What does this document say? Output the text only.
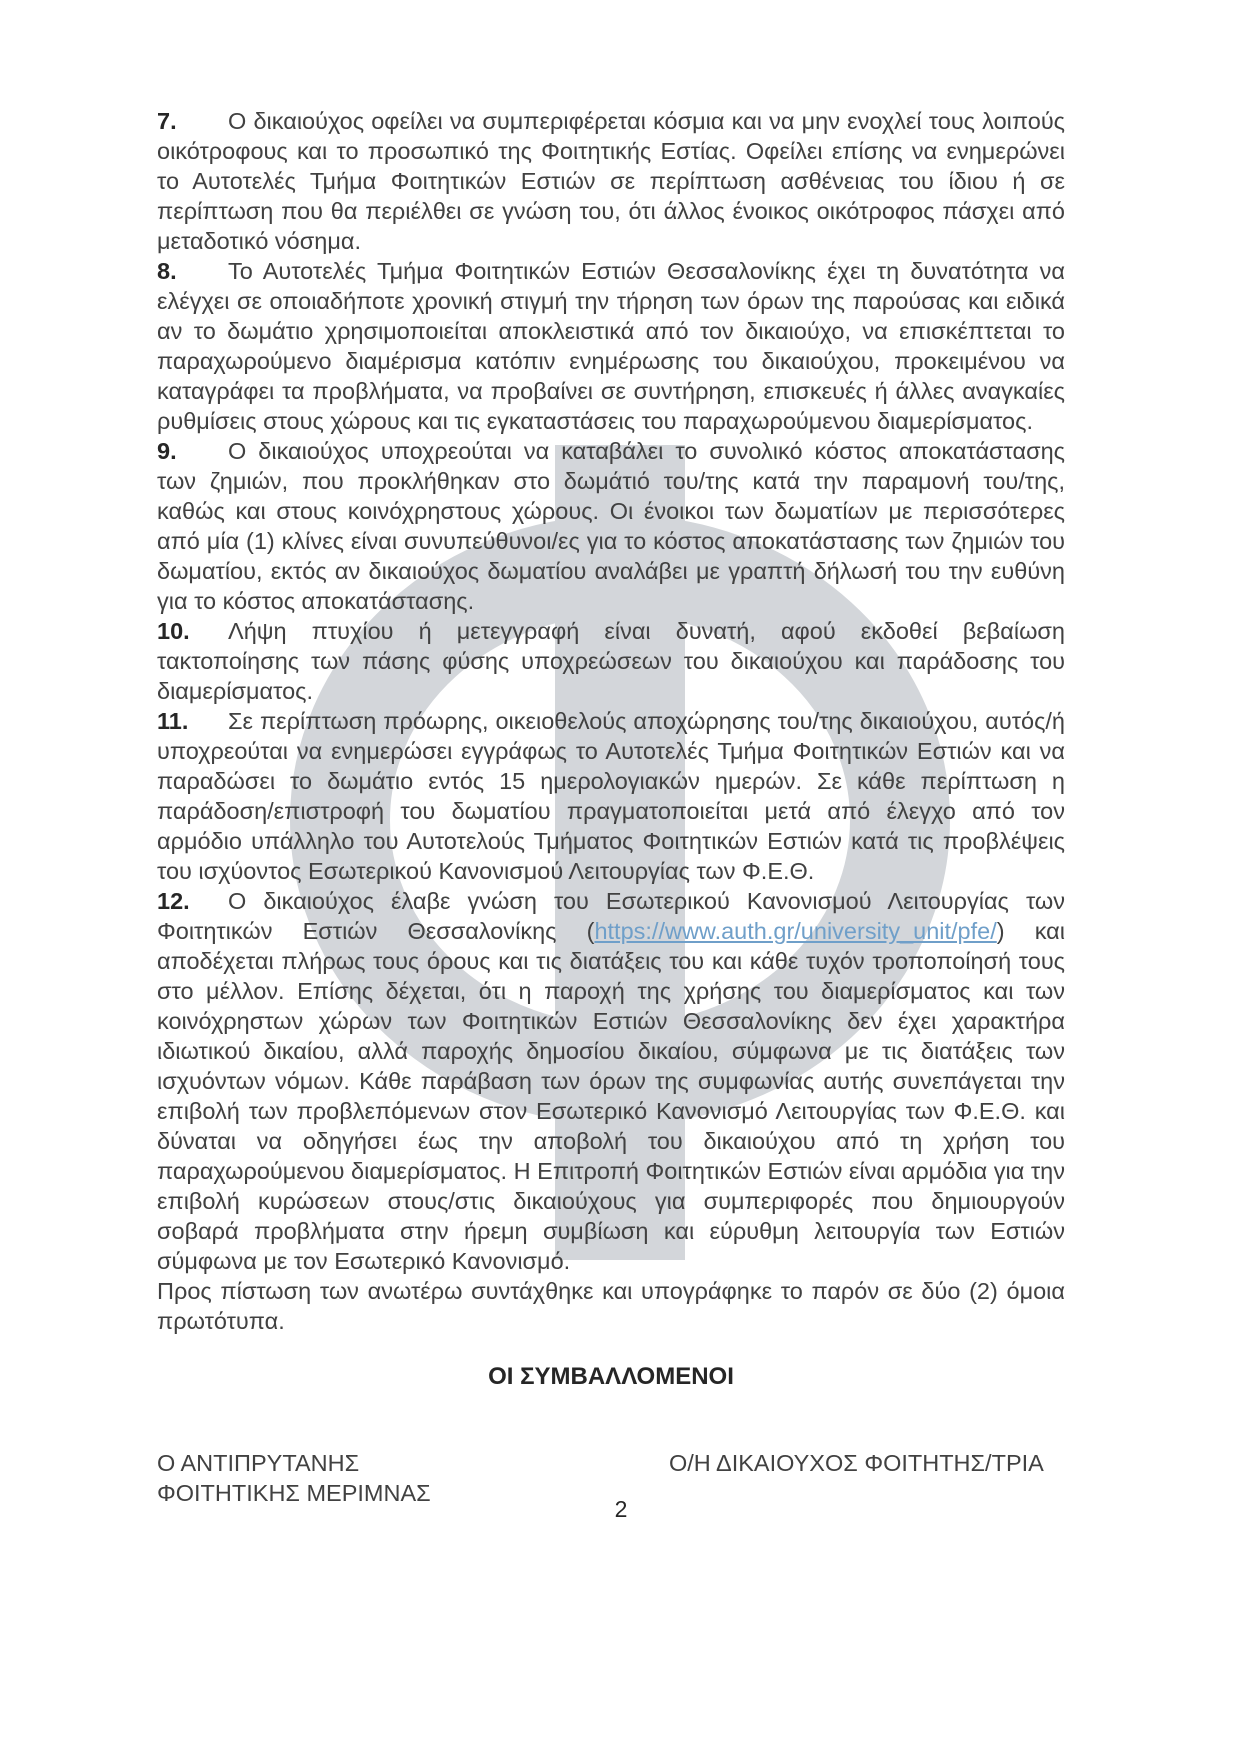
7. Ο δικαιούχος οφείλει να συμπεριφέρεται κόσμια και να μην ενοχλεί τους λοιπούς οικότροφους και το προσωπικό της Φοιτητικής Εστίας. Οφείλει επίσης να ενημερώνει το Αυτοτελές Τμήμα Φοιτητικών Εστιών σε περίπτωση ασθένειας του ίδιου ή σε περίπτωση που θα περιέλθει σε γνώση του, ότι άλλος ένοικος οικότροφος πάσχει από μεταδοτικό νόσημα.

8. Το Αυτοτελές Τμήμα Φοιτητικών Εστιών Θεσσαλονίκης έχει τη δυνατότητα να ελέγχει σε οποιαδήποτε χρονική στιγμή την τήρηση των όρων της παρούσας και ειδικά αν το δωμάτιο χρησιμοποιείται αποκλειστικά από τον δικαιούχο, να επισκέπτεται το παραχωρούμενο διαμέρισμα κατόπιν ενημέρωσης του δικαιούχου, προκειμένου να καταγράφει τα προβλήματα, να προβαίνει σε συντήρηση, επισκευές ή άλλες αναγκαίες ρυθμίσεις στους χώρους και τις εγκαταστάσεις του παραχωρούμενου διαμερίσματος.

9. Ο δικαιούχος υποχρεούται να καταβάλει το συνολικό κόστος αποκατάστασης των ζημιών, που προκλήθηκαν στο δωμάτιό του/της κατά την παραμονή του/της, καθώς και στους κοινόχρηστους χώρους. Οι ένοικοι των δωματίων με περισσότερες από μία (1) κλίνες είναι συνυπεύθυνοι/ες για το κόστος αποκατάστασης των ζημιών του δωματίου, εκτός αν δικαιούχος δωματίου αναλάβει με γραπτή δήλωσή του την ευθύνη για το κόστος αποκατάστασης.

10. Λήψη πτυχίου ή μετεγγραφή είναι δυνατή, αφού εκδοθεί βεβαίωση τακτοποίησης των πάσης φύσης υποχρεώσεων του δικαιούχου και παράδοσης του διαμερίσματος.

11. Σε περίπτωση πρόωρης, οικειοθελούς αποχώρησης του/της δικαιούχου, αυτός/ή υποχρεούται να ενημερώσει εγγράφως το Αυτοτελές Τμήμα Φοιτητικών Εστιών και να παραδώσει το δωμάτιο εντός 15 ημερολογιακών ημερών. Σε κάθε περίπτωση η παράδοση/επιστροφή του δωματίου πραγματοποιείται μετά από έλεγχο από τον αρμόδιο υπάλληλο του Αυτοτελούς Τμήματος Φοιτητικών Εστιών κατά τις προβλέψεις του ισχύοντος Εσωτερικού Κανονισμού Λειτουργίας των Φ.Ε.Θ.

12. Ο δικαιούχος έλαβε γνώση του Εσωτερικού Κανονισμού Λειτουργίας των Φοιτητικών Εστιών Θεσσαλονίκης (https://www.auth.gr/university_unit/pfe/) και αποδέχεται πλήρως τους όρους και τις διατάξεις του και κάθε τυχόν τροποποίησή τους στο μέλλον. Επίσης δέχεται, ότι η παροχή της χρήσης του διαμερίσματος και των κοινόχρηστων χώρων των Φοιτητικών Εστιών Θεσσαλονίκης δεν έχει χαρακτήρα ιδιωτικού δικαίου, αλλά παροχής δημοσίου δικαίου, σύμφωνα με τις διατάξεις των ισχυόντων νόμων. Κάθε παράβαση των όρων της συμφωνίας αυτής συνεπάγεται την επιβολή των προβλεπόμενων στον Εσωτερικό Κανονισμό Λειτουργίας των Φ.Ε.Θ. και δύναται να οδηγήσει έως την αποβολή του δικαιούχου από τη χρήση του παραχωρούμενου διαμερίσματος. Η Επιτροπή Φοιτητικών Εστιών είναι αρμόδια για την επιβολή κυρώσεων στους/στις δικαιούχους για συμπεριφορές που δημιουργούν σοβαρά προβλήματα στην ήρεμη συμβίωση και εύρυθμη λειτουργία των Εστιών σύμφωνα με τον Εσωτερικό Κανονισμό.

Προς πίστωση των ανωτέρω συντάχθηκε και υπογράφηκε το παρόν σε δύο (2) όμοια πρωτότυπα.

ΟΙ ΣΥΜΒΑΛΛΟΜΕΝΟΙ
Ο ΑΝΤΙΠΡΥΤΑΝΗΣ
ΦΟΙΤΗΤΙΚΗΣ ΜΕΡΙΜΝΑΣ
Ο/Η ΔΙΚΑΙΟΥΧΟΣ ΦΟΙΤΗΤΗΣ/ΤΡΙΑ
2
